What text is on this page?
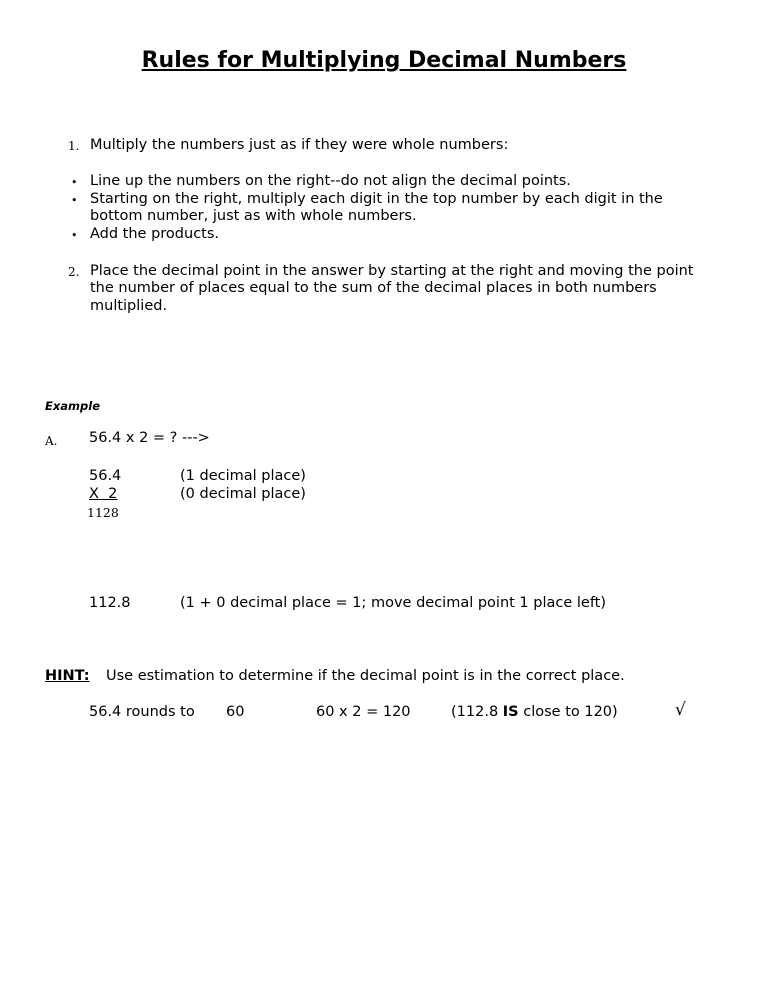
Rules for Multiplying Decimal Numbers
1. Multiply the numbers just as if they were whole numbers:
• Line up the numbers on the right--do not align the decimal points.
• Starting on the right, multiply each digit in the top number by each digit in the
bottom number, just as with whole numbers.
• Add the products.
2. Place the decimal point in the answer by starting at the right and moving the point
the number of places equal to the sum of the decimal places in both numbers
multiplied.
Example
A. 56.4 x 2 = ? --->
56.4	(1 decimal place)
X  2	(0 decimal place)
1128
112.8	(1 + 0 decimal place = 1; move decimal point 1 place left)
HINT: Use estimation to determine if the decimal point is in the correct place.
56.4 rounds to 60	60 x 2 = 120	(112.8 IS close to 120)	√
